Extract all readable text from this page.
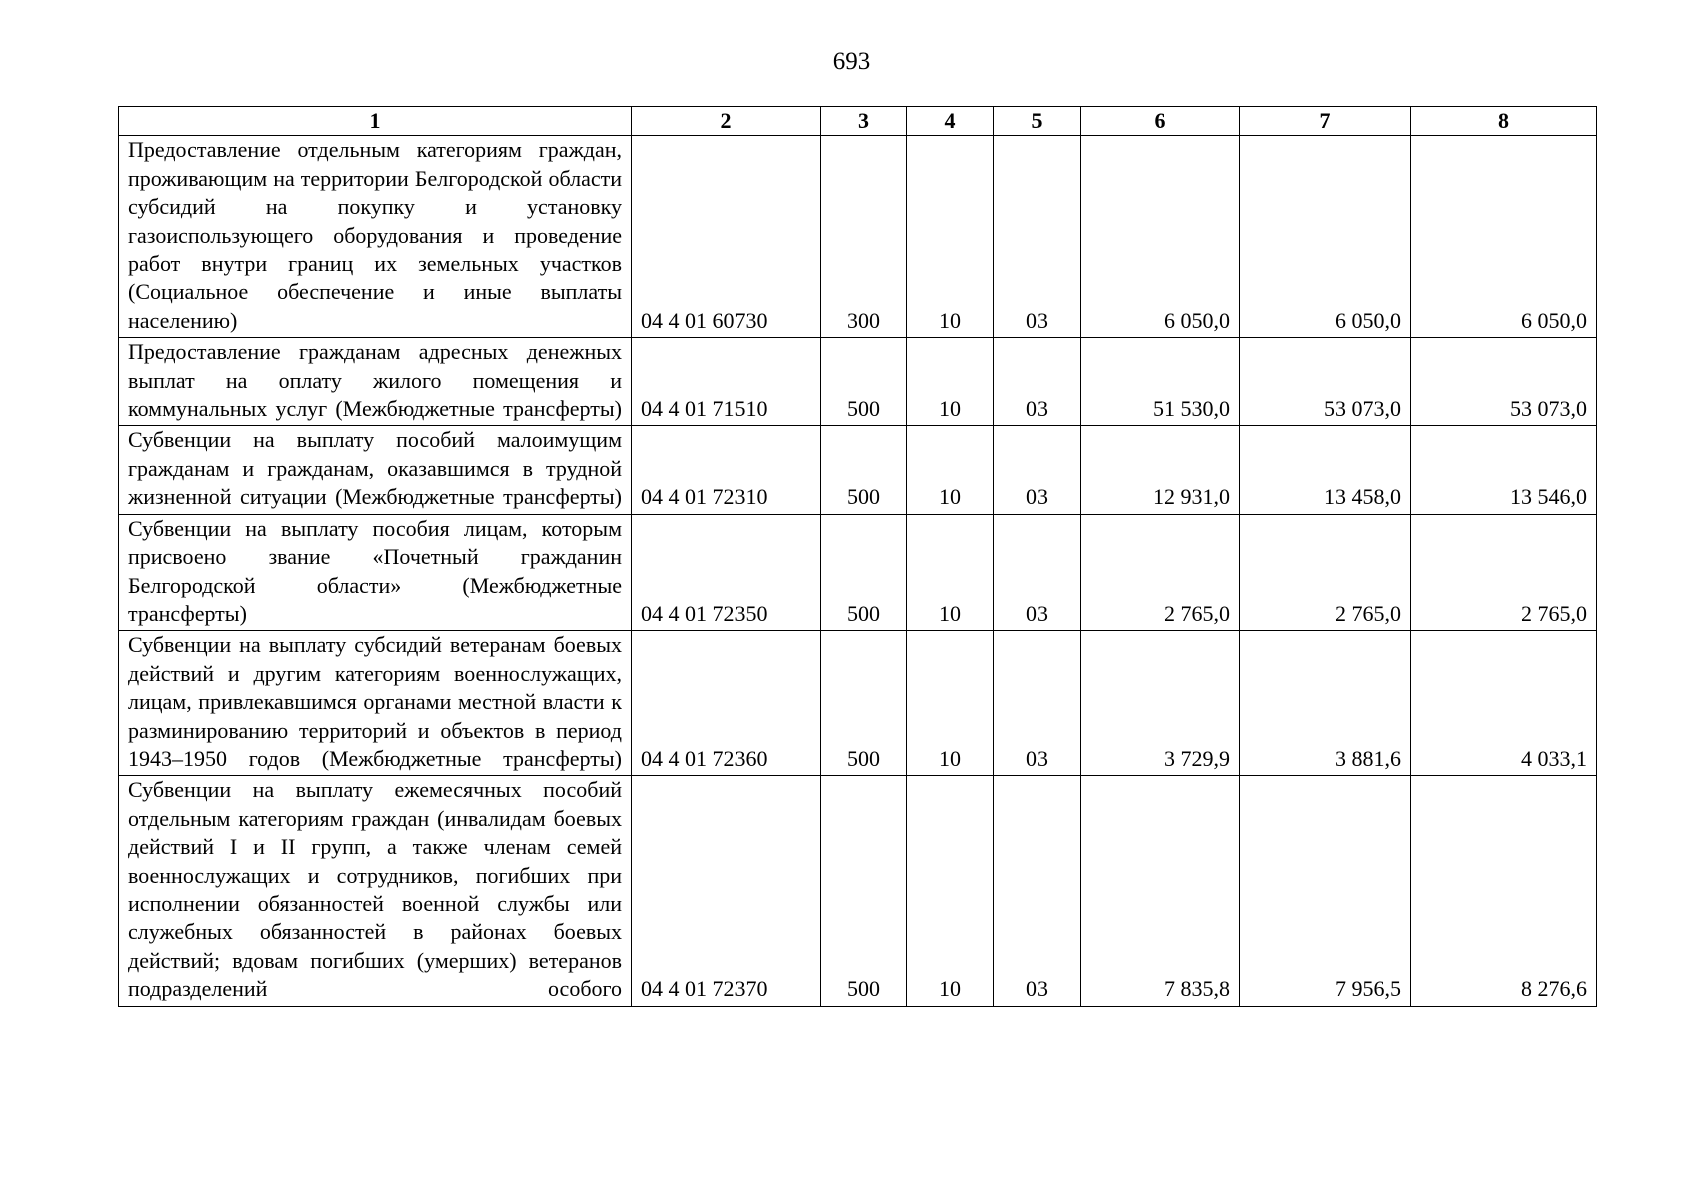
693
1	2	3	4	5	6	7	8
Предоставление отдельным категориям граждан, проживающим на территории Белгородской области субсидий на покупку и установку газоиспользующего оборудования и проведение работ внутри границ их земельных участков (Социальное обеспечение и иные выплаты населению)	04 4 01 60730	300	10	03	6 050,0	6 050,0	6 050,0
Предоставление гражданам адресных денежных выплат на оплату жилого помещения и коммунальных услуг (Межбюджетные трансферты)	04 4 01 71510	500	10	03	51 530,0	53 073,0	53 073,0
Субвенции на выплату пособий малоимущим гражданам и гражданам, оказавшимся в трудной жизненной ситуации (Межбюджетные трансферты)	04 4 01 72310	500	10	03	12 931,0	13 458,0	13 546,0
Субвенции на выплату пособия лицам, которым присвоено звание «Почетный гражданин Белгородской области» (Межбюджетные трансферты)	04 4 01 72350	500	10	03	2 765,0	2 765,0	2 765,0
Субвенции на выплату субсидий ветеранам боевых действий и другим категориям военнослужащих, лицам, привлекавшимся органами местной власти к разминированию территорий и объектов в период 1943–1950 годов (Межбюджетные трансферты)	04 4 01 72360	500	10	03	3 729,9	3 881,6	4 033,1
Субвенции на выплату ежемесячных пособий отдельным категориям граждан (инвалидам боевых действий I и II групп, а также членам семей военнослужащих и сотрудников, погибших при исполнении обязанностей военной службы или служебных обязанностей в районах боевых действий; вдовам погибших (умерших) ветеранов подразделений особого	04 4 01 72370	500	10	03	7 835,8	7 956,5	8 276,6
